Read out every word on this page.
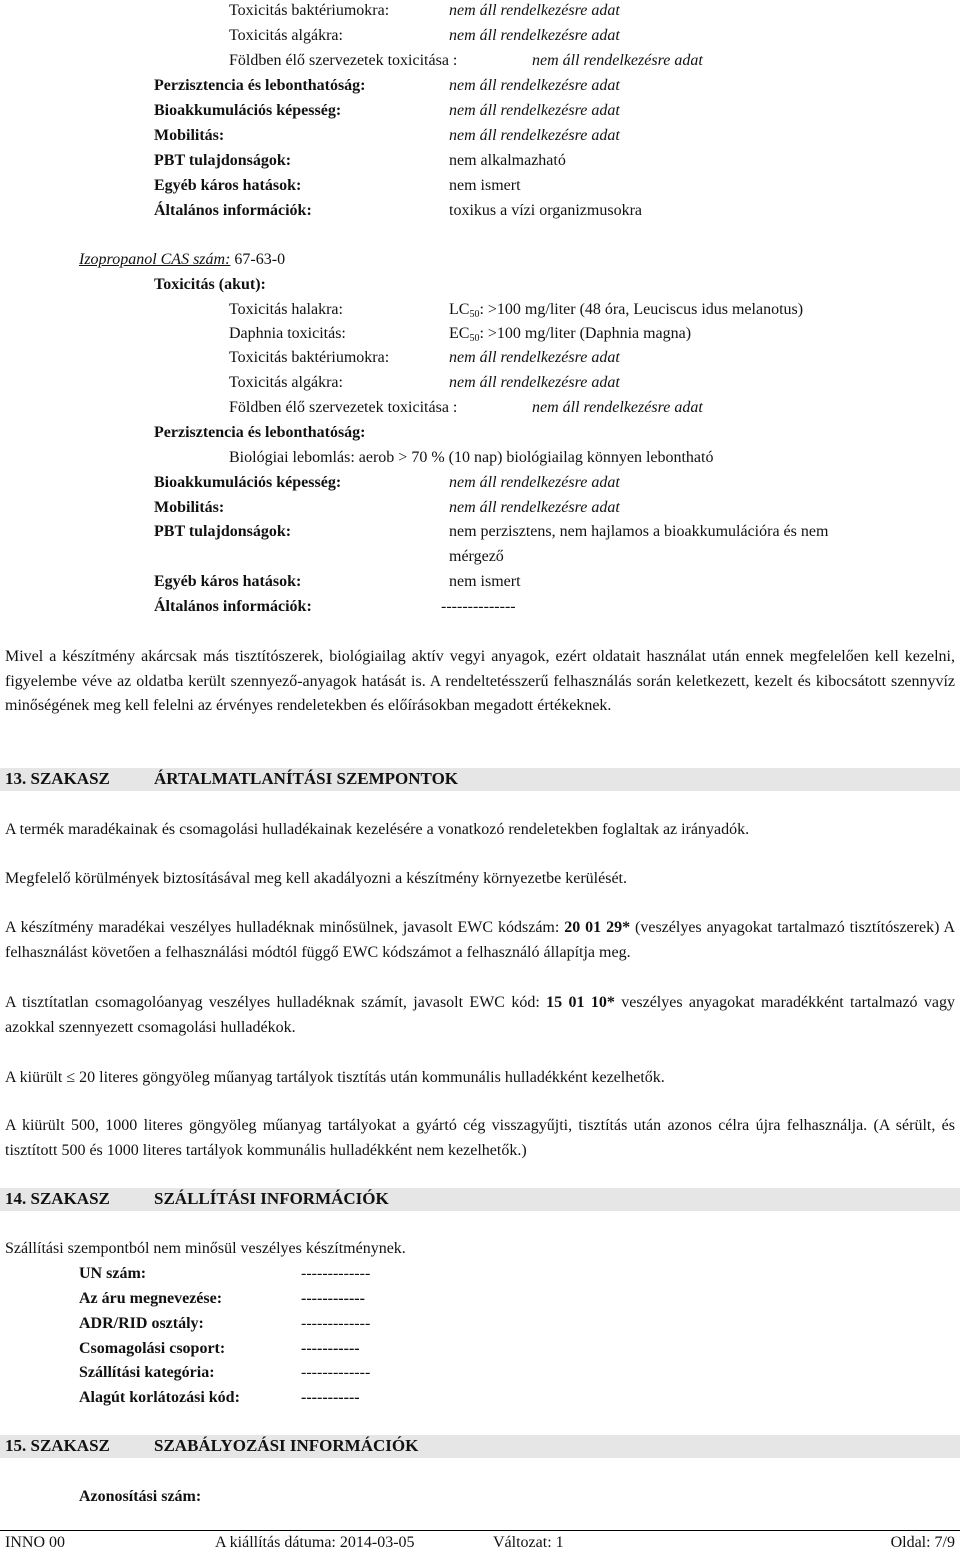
Toxicitás baktériumokra:	nem áll rendelkezésre adat
Toxicitás algákra:	nem áll rendelkezésre adat
Földben élő szervezetek toxicitása :	nem áll rendelkezésre adat
Perzisztencia és lebonthatóság:	nem áll rendelkezésre adat
Bioakkumulációs képesség:	nem áll rendelkezésre adat
Mobilitás:	nem áll rendelkezésre adat
PBT tulajdonságok:	nem alkalmazható
Egyéb káros hatások:	nem ismert
Általános információk:	toxikus a vízi organizmusokra
Izopropanol CAS szám: 67-63-0
Toxicitás (akut):
Toxicitás halakra:	$LC_{50}$: >100 mg/liter (48 óra, Leuciscus idus melanotus)
Daphnia toxicitás:	$EC_{50}$: >100 mg/liter (Daphnia magna)
Toxicitás baktériumokra:	nem áll rendelkezésre adat
Toxicitás algákra:	nem áll rendelkezésre adat
Földben élő szervezetek toxicitása :	nem áll rendelkezésre adat
Perzisztencia és lebonthatóság:
Biológiai lebomlás: aerob > 70 % (10 nap) biológiailag könnyen lebontható
Bioakkumulációs képesség:	nem áll rendelkezésre adat
Mobilitás:	nem áll rendelkezésre adat
PBT tulajdonságok:	nem perzisztens, nem hajlamos a bioakkumulációra és nem
mérgező
Egyéb káros hatások:	nem ismert
Általános információk:	--------------
Mivel a készítmény akárcsak más tisztítószerek, biológiailag aktív vegyi anyagok, ezért oldatait használat után ennek megfelelően kell kezelni, figyelembe véve az oldatba került szennyező-anyagok hatását is. A rendeltetésszerű felhasználás során keletkezett, kezelt és kibocsátott szennyvíz minőségének meg kell felelni az érvényes rendeletekben és előírásokban megadott értékeknek.
13. SZAKASZ	ÁRTALMATLANÍTÁSI SZEMPONTOK
A termék maradékainak és csomagolási hulladékainak kezelésére a vonatkozó rendeletekben foglaltak az irányadók.
Megfelelő körülmények biztosításával meg kell akadályozni a készítmény környezetbe kerülését.
A készítmény maradékai veszélyes hulladéknak minősülnek, javasolt EWC kódszám: 20 01 29* (veszélyes anyagokat tartalmazó tisztítószerek) A felhasználást követően a felhasználási módtól függő EWC kódszámot a felhasználó állapítja meg.
A tisztítatlan csomagolóanyag veszélyes hulladéknak számít, javasolt EWC kód: 15 01 10* veszélyes anyagokat maradékként tartalmazó vagy azokkal szennyezett csomagolási hulladékok.
A kiürült ≤ 20 literes göngyöleg műanyag tartályok tisztítás után kommunális hulladékként kezelhetők.
A kiürült 500, 1000 literes göngyöleg műanyag tartályokat a gyártó cég visszagyűjti, tisztítás után azonos célra újra felhasználja. (A sérült, és tisztított 500 és 1000 literes tartályok kommunális hulladékként nem kezelhetők.)
14. SZAKASZ	SZÁLLÍTÁSI INFORMÁCIÓK
Szállítási szempontból nem minősül veszélyes készítménynek.
UN szám:	-------------
Az áru megnevezése:	------------
ADR/RID osztály:	-------------
Csomagolási csoport:	-----------
Szállítási kategória:	-------------
Alagút korlátozási kód:	-----------
15. SZAKASZ	SZABÁLYOZÁSI INFORMÁCIÓK
Azonosítási szám:
INNO 00	A kiállítás dátuma: 2014-03-05	Változat: 1	Oldal: 7/9
